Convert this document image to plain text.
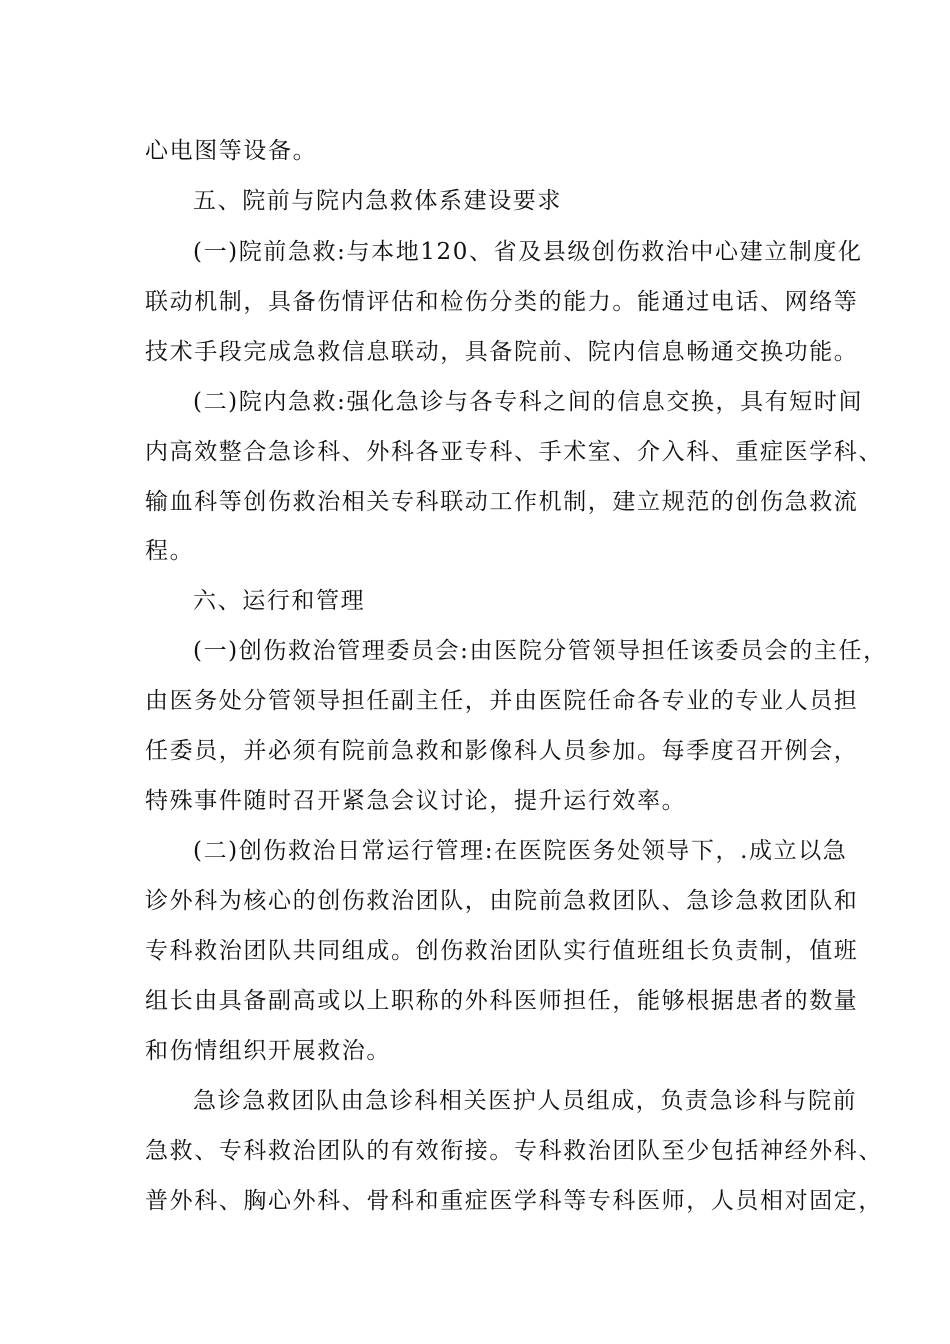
心电图等设备。
五、院前与院内急救体系建设要求
(一)院前急救:与本地120、省及县级创伤救治中心建立制度化
联动机制，具备伤情评估和检伤分类的能力。能通过电话、网络等
技术手段完成急救信息联动，具备院前、院内信息畅通交换功能。
(二)院内急救:强化急诊与各专科之间的信息交换，具有短时间
内高效整合急诊科、外科各亚专科、手术室、介入科、重症医学科、
输血科等创伤救治相关专科联动工作机制，建立规范的创伤急救流
程。
六、运行和管理
(一)创伤救治管理委员会:由医院分管领导担任该委员会的主任，
由医务处分管领导担任副主任，并由医院任命各专业的专业人员担
任委员，并必须有院前急救和影像科人员参加。每季度召开例会，
特殊事件随时召开紧急会议讨论，提升运行效率。
(二)创伤救治日常运行管理:在医院医务处领导下，.成立以急
诊外科为核心的创伤救治团队，由院前急救团队、急诊急救团队和
专科救治团队共同组成。创伤救治团队实行值班组长负责制，值班
组长由具备副高或以上职称的外科医师担任，能够根据患者的数量
和伤情组织开展救治。
急诊急救团队由急诊科相关医护人员组成，负责急诊科与院前
急救、专科救治团队的有效衔接。专科救治团队至少包括神经外科、
普外科、胸心外科、骨科和重症医学科等专科医师，人员相对固定，
